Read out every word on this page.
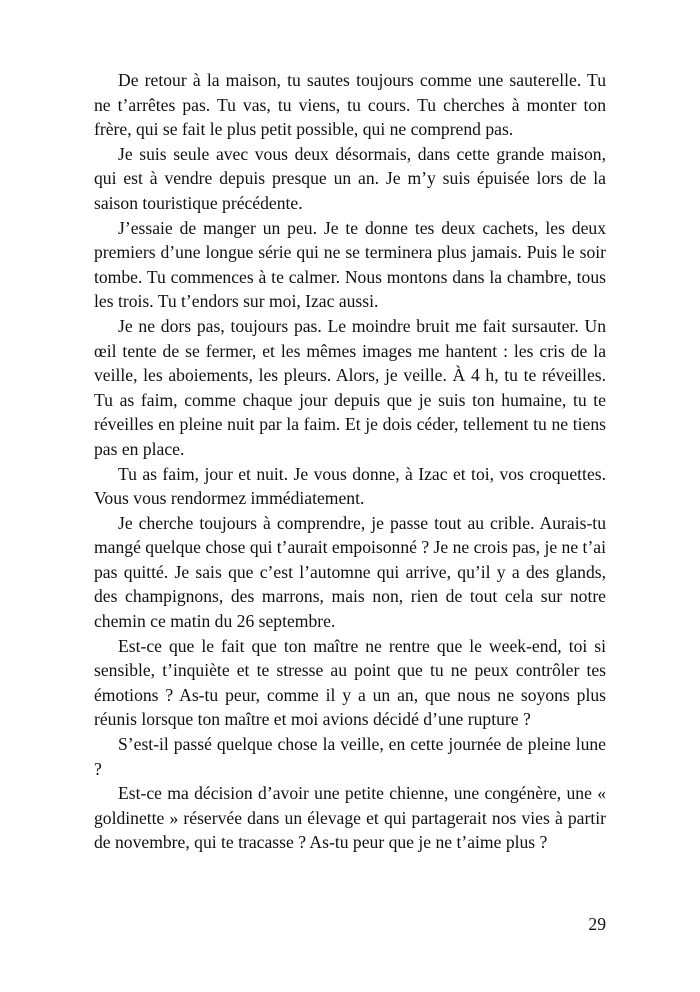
De retour à la maison, tu sautes toujours comme une sauterelle. Tu ne t’arrêtes pas. Tu vas, tu viens, tu cours. Tu cherches à monter ton frère, qui se fait le plus petit possible, qui ne comprend pas.

Je suis seule avec vous deux désormais, dans cette grande maison, qui est à vendre depuis presque un an. Je m’y suis épuisée lors de la saison touristique précédente.

J’essaie de manger un peu. Je te donne tes deux cachets, les deux premiers d’une longue série qui ne se terminera plus jamais. Puis le soir tombe. Tu commences à te calmer. Nous montons dans la chambre, tous les trois. Tu t’endors sur moi, Izac aussi.

Je ne dors pas, toujours pas. Le moindre bruit me fait sursauter. Un œil tente de se fermer, et les mêmes images me hantent : les cris de la veille, les aboiements, les pleurs. Alors, je veille. À 4 h, tu te réveilles. Tu as faim, comme chaque jour depuis que je suis ton humaine, tu te réveilles en pleine nuit par la faim. Et je dois céder, tellement tu ne tiens pas en place.

Tu as faim, jour et nuit. Je vous donne, à Izac et toi, vos croquettes. Vous vous rendormez immédiatement.

Je cherche toujours à comprendre, je passe tout au crible. Aurais-tu mangé quelque chose qui t’aurait empoisonné ? Je ne crois pas, je ne t’ai pas quitté. Je sais que c’est l’automne qui arrive, qu’il y a des glands, des champignons, des marrons, mais non, rien de tout cela sur notre chemin ce matin du 26 septembre.

Est-ce que le fait que ton maître ne rentre que le week-end, toi si sensible, t’inquiète et te stresse au point que tu ne peux contrôler tes émotions ? As-tu peur, comme il y a un an, que nous ne soyons plus réunis lorsque ton maître et moi avions décidé d’une rupture ?

S’est-il passé quelque chose la veille, en cette journée de pleine lune ?

Est-ce ma décision d’avoir une petite chienne, une congénère, une « goldinette » réservée dans un élevage et qui partagerait nos vies à partir de novembre, qui te tracasse ? As-tu peur que je ne t’aime plus ?

29
